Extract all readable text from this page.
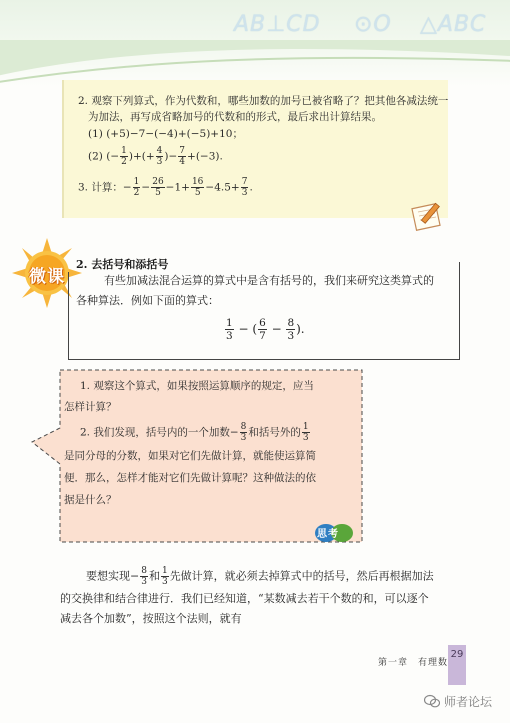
AB⊥CD ⊙O △ABC
2. 观察下列算式，作为代数和，哪些加数的加号已被省略了？把其他各减法统一
为加法，再写成省略加号的代数和的形式，最后求出计算结果。
(1) (+5)−7−(−4)+(−5)+10；
(2) (− $\frac{1}{2}$ )+(+ $\frac{4}{3}$ )− $\frac{7}{4} +(-3)$.
3. 计算：− $\frac{1}{2} - \frac{26}{5} -1+ \frac{16}{5} -4.5+ \frac{7}{3}$ .
微课
2. 去括号和添括号
有些加减法混合运算的算式中是含有括号的，我们来研究这类算式的
各种算法．例如下面的算式：
$\frac{1}{3}$ − ( $\frac{6}{7} - \frac{8}{3}$ ).
1. 观察这个算式，如果按照运算顺序的规定，应当
怎样计算？
2. 我们发现，括号内的一个加数− $\frac{8}{3}$ 和括号外的 $\frac{1}{3}$
是同分母的分数，如果对它们先做计算，就能使运算简
便．那么，怎样才能对它们先做计算呢？这种做法的依
据是什么？
思考
要想实现− $\frac{8}{3}$ 和 $\frac{1}{3}$ 先做计算，就必须去掉算式中的括号，然后再根据加法
的交换律和结合律进行．我们已经知道，“某数减去若干个数的和，可以逐个
减去各个加数”，按照这个法则，就有
第一章　有理数
29
师者论坛
